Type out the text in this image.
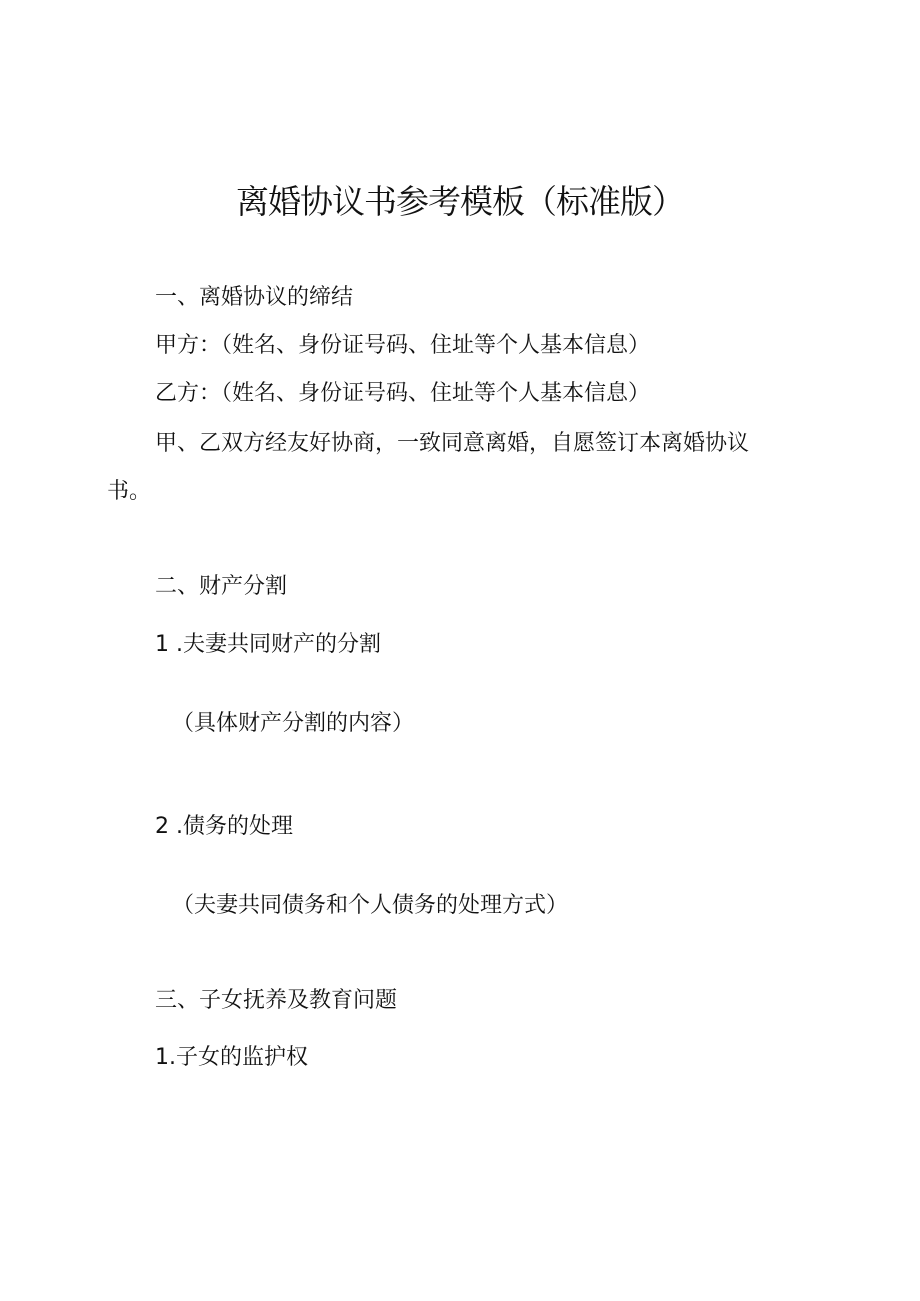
离婚协议书参考模板（标准版）
一、离婚协议的缔结
甲方：（姓名、身份证号码、住址等个人基本信息）
乙方：（姓名、身份证号码、住址等个人基本信息）
甲、乙双方经友好协商，一致同意离婚，自愿签订本离婚协议
书。
二、财产分割
1 .夫妻共同财产的分割
（具体财产分割的内容）
2 .债务的处理
（夫妻共同债务和个人债务的处理方式）
三、子女抚养及教育问题
1.子女的监护权
